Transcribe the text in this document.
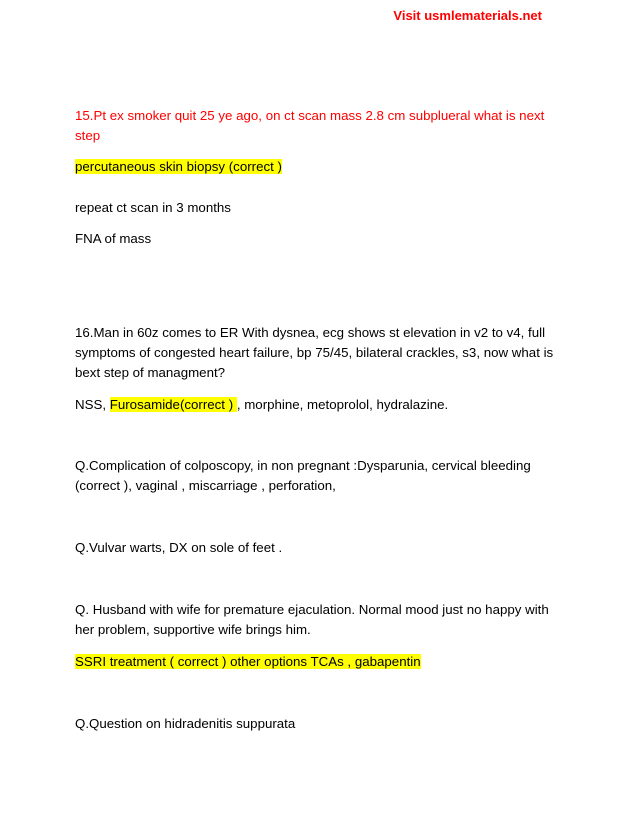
Visit usmlematerials.net
15.Pt ex smoker quit 25 ye ago, on ct scan mass 2.8 cm subplueral what is next
step
percutaneous skin biopsy (correct )
repeat ct scan in 3 months
FNA of mass
16.Man in 60z comes to ER With dysnea, ecg shows st elevation in v2 to v4, full
symptoms of congested heart failure, bp 75/45, bilateral crackles, s3, now what is
bext step of managment?
NSS, Furosamide(correct ) , morphine, metoprolol, hydralazine.
Q.Complication of colposcopy, in non pregnant :Dysparunia, cervical bleeding
(correct ), vaginal , miscarriage , perforation,
Q.Vulvar warts, DX on sole of feet .
Q. Husband with wife for premature ejaculation. Normal mood just no happy with
her problem, supportive wife brings him.
SSRI treatment ( correct ) other options TCAs , gabapentin
Q.Question on hidradenitis suppurata
